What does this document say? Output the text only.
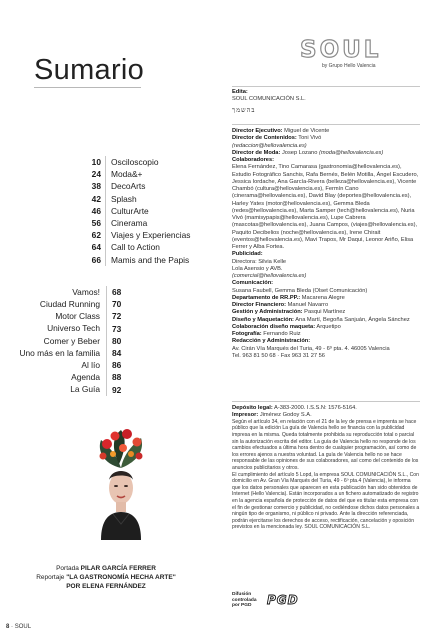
SOUL
by Grupo Hello Valencia
Sumario
10	Osciloscopio
24	Moda&+
38	DecoArts
42	Splash
46	CulturArte
56	Cinerama
62	Viajes y Experiencias
64	Call to Action
66	Mamis and the Papis
Vamos!	68
Ciudad Running	70
Motor Class	72
Universo Tech	73
Comer y Beber	80
Uno más en la familia	84
Al lío	86
Agenda	88
La Guía	92
Portada PILAR GARCÍA FERRER
Reportaje "LA GASTRONOMÍA HECHA ARTE"
POR ELENA FERNÁNDEZ
8 · SOUL
Edita:
SOUL COMUNICACIÓN S.L.
בהשמך
Director Ejecutivo: Miguel de Vicente
Director de Contenidos: Toni Vivó
(redaccion@hellovalencia.es)
Director de Moda: Josep Lozano (moda@hellovalencia.es)
Colaboradores:
Elena Fernández, Tino Camarasa (gastronomia@hellovalencia.es), Estudio Fotográfico Sanchis, Rafa Bernés, Belén Motilla, Ángel Escudero, Jessica Iordache, Ana García-Rivera (belleza@hellovalencia.es), Vicente Chambó (cultura@hellovalencia.es), Fermín Cano (cinerama@hellovalencia.es), David Blay (deportes@hellovalencia.es), Harley Yates (motor@hellovalencia.es), Gemma Bleda (redes@hellovalencia.es), Marta Samper (tech@hellovalencia.es), Nuria Vivó (mamisypapis@hellovalencia.es), Lupe Cabrera (mascotas@hellovalencia.es), Juana Campos, (viajes@hellovalencia.es), Paquito Decibelios (noche@hellovalencia.es), Irene Chirait (eventos@hellovalencia.es), Mavi Trapos, Mr Daqui, Leonor Ariño, Elisa Ferrer y Alba Fortea.
Publicidad:
Directora: Silvia Kelle
Lola Asensio y AVB.
(comercial@hellovalencia.es)
Comunicación:
Susana Faubell, Gemma Bleda (Olset Comunicación)
Departamento de RR.PP.: Macarena Alegre
Director Financiero: Manuel Navarro
Gestión y Administración: Pasqui Martínez
Diseño y Maquetación: Ana Martí, Begoña Sanjuán, Ángela Sánchez
Colaboración diseño maqueta: Arquetipo
Fotografía: Fernando Ruiz
Redacción y Administración:
Av. Cirán Vía Marqués del Turia, 49 - 6º pta. 4. 46005 Valencia
Tel. 963 81 50 68 · Fax 963 31 27 56
Depósito legal: A-383-2000. I.S.S.N: 1576-5164.
Impresor: Jiménez Godoy S.A.
Según el artículo 34, en relación con el 21 de la ley de prensa e imprenta se hace público que la edición La guía de Valencia hello se financia con la publicidad impresa en la misma. Queda totalmente prohibida su reproducción total o parcial sin la autorización escrita del editor. La guía de Valencia hello no responde de los cambios efectuados a última hora dentro de cualquier programación, así como de los errores ajenos a nuestra voluntad. La guía de Valencia hello no se hace responsable de las opiniones de sus colaboradores, así como del contenido de los anuncios publicitarios y otros.
El cumplimiento del artículo 5 Lopd, la empresa SOUL COMUNICACIÓN S.L., Con domicilio en Av. Gran Vía Marqués del Turia, 49 - 6º pta.4 (Valencia), le informa que los datos personales que aparecen en esta publicación han sido obtenidos de Internet (Hello Valencia). Están incorporados a un fichero automatizado de registro en la agencia española de protección de datos del que es titular esta empresa con el fin de gestionar comercio y publicidad, no cediéndose dichos datos personales a ningún tipo de organismo, ni público ni privado. Ante la dirección referenciada, podrán ejercitarse los derechos de acceso, rectificación, cancelación y oposición previstos en la mencionada ley. SOUL COMUNICACIÓN S.L.
Difusión controlada por PGD	PGD
